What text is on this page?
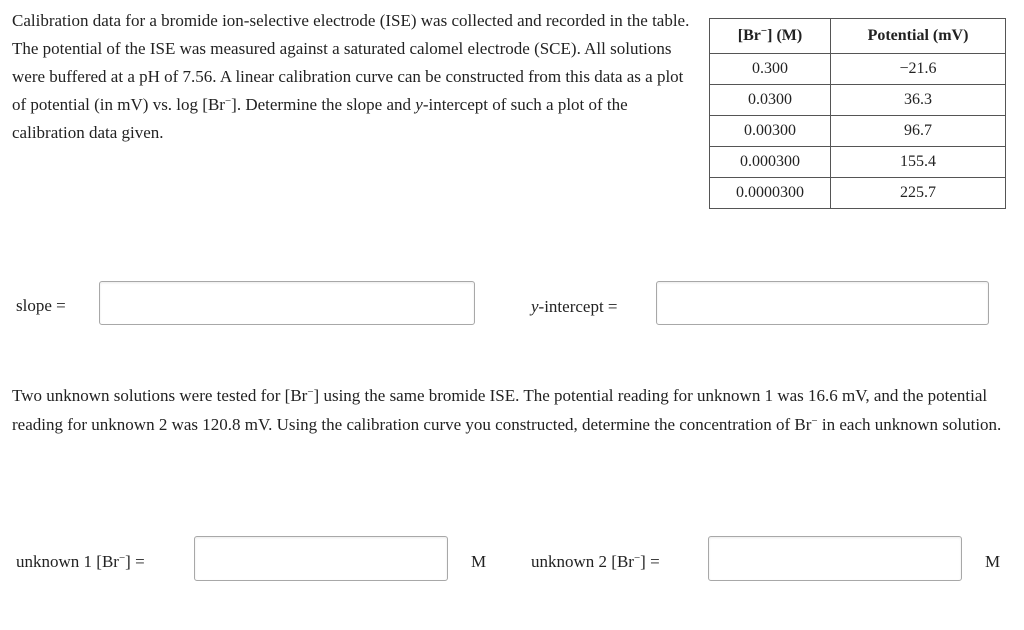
Calibration data for a bromide ion-selective electrode (ISE) was collected and recorded in the table. The potential of the ISE was measured against a saturated calomel electrode (SCE). All solutions were buffered at a pH of 7.56. A linear calibration curve can be constructed from this data as a plot of potential (in mV) vs. log [Br−]. Determine the slope and y-intercept of such a plot of the calibration data given.

[Br−] (M)	Potential (mV)
0.300	−21.6
0.0300	36.3
0.00300	96.7
0.000300	155.4
0.0000300	225.7
slope =	y-intercept =

Two unknown solutions were tested for [Br−] using the same bromide ISE. The potential reading for unknown 1 was 16.6 mV, and the potential reading for unknown 2 was 120.8 mV. Using the calibration curve you constructed, determine the concentration of Br− in each unknown solution.

unknown 1 [Br−] =	M	unknown 2 [Br−] =	M
